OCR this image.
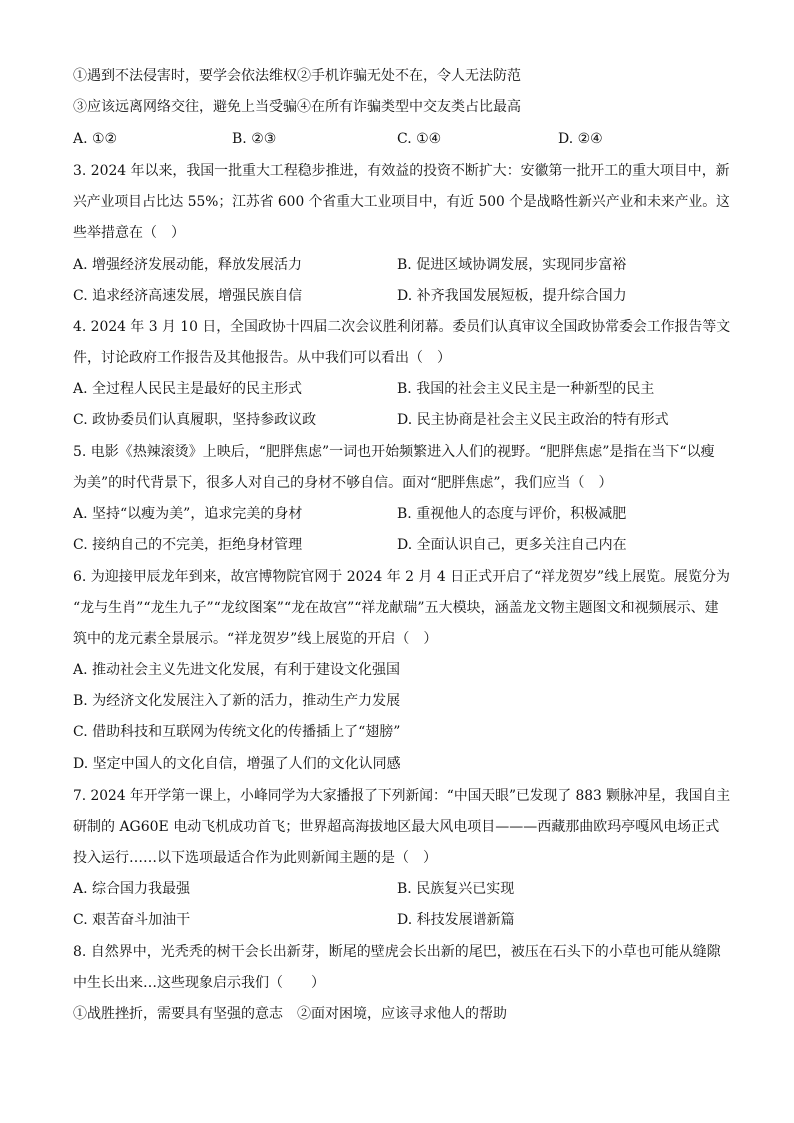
①遇到不法侵害时，要学会依法维权②手机诈骗无处不在，令人无法防范
③应该远离网络交往，避免上当受骗④在所有诈骗类型中交友类占比最高
A. ①②	B. ②③	C. ①④	D. ②④
3. 2024 年以来，我国一批重大工程稳步推进，有效益的投资不断扩大：安徽第一批开工的重大项目中，新
兴产业项目占比达 55%；江苏省 600 个省重大工业项目中，有近 500 个是战略性新兴产业和未来产业。这
些举措意在（　）
A. 增强经济发展动能，释放发展活力	B. 促进区域协调发展，实现同步富裕
C. 追求经济高速发展，增强民族自信	D. 补齐我国发展短板，提升综合国力
4. 2024 年 3 月 10 日，全国政协十四届二次会议胜利闭幕。委员们认真审议全国政协常委会工作报告等文
件，讨论政府工作报告及其他报告。从中我们可以看出（　）
A. 全过程人民民主是最好的民主形式	B. 我国的社会主义民主是一种新型的民主
C. 政协委员们认真履职，坚持参政议政	D. 民主协商是社会主义民主政治的特有形式
5. 电影《热辣滚烫》上映后，“肥胖焦虑”一词也开始频繁进入人们的视野。“肥胖焦虑”是指在当下“以瘦
为美”的时代背景下，很多人对自己的身材不够自信。面对“肥胖焦虑”，我们应当（　）
A. 坚持“以瘦为美”，追求完美的身材	B. 重视他人的态度与评价，积极减肥
C. 接纳自己的不完美，拒绝身材管理	D. 全面认识自己，更多关注自己内在
6. 为迎接甲辰龙年到来，故宫博物院官网于 2024 年 2 月 4 日正式开启了“祥龙贺岁”线上展览。展览分为
“龙与生肖”“龙生九子”“龙纹图案”“龙在故宫”“祥龙献瑞”五大模块，涵盖龙文物主题图文和视频展示、建
筑中的龙元素全景展示。“祥龙贺岁”线上展览的开启（　）
A. 推动社会主义先进文化发展，有利于建设文化强国
B. 为经济文化发展注入了新的活力，推动生产力发展
C. 借助科技和互联网为传统文化的传播插上了“翅膀”
D. 坚定中国人的文化自信，增强了人们的文化认同感
7. 2024 年开学第一课上，小峰同学为大家播报了下列新闻：“中国天眼”已发现了 883 颗脉冲星，我国自主
研制的 AG60E 电动飞机成功首飞；世界超高海拔地区最大风电项目———西藏那曲欧玛亭嘎风电场正式
投入运行……以下选项最适合作为此则新闻主题的是（　）
A. 综合国力我最强	B. 民族复兴已实现
C. 艰苦奋斗加油干	D. 科技发展谱新篇
8. 自然界中，光秃秃的树干会长出新芽，断尾的壁虎会长出新的尾巴，被压在石头下的小草也可能从缝隙
中生长出来…这些现象启示我们（　　）
①战胜挫折，需要具有坚强的意志　②面对困境，应该寻求他人的帮助
